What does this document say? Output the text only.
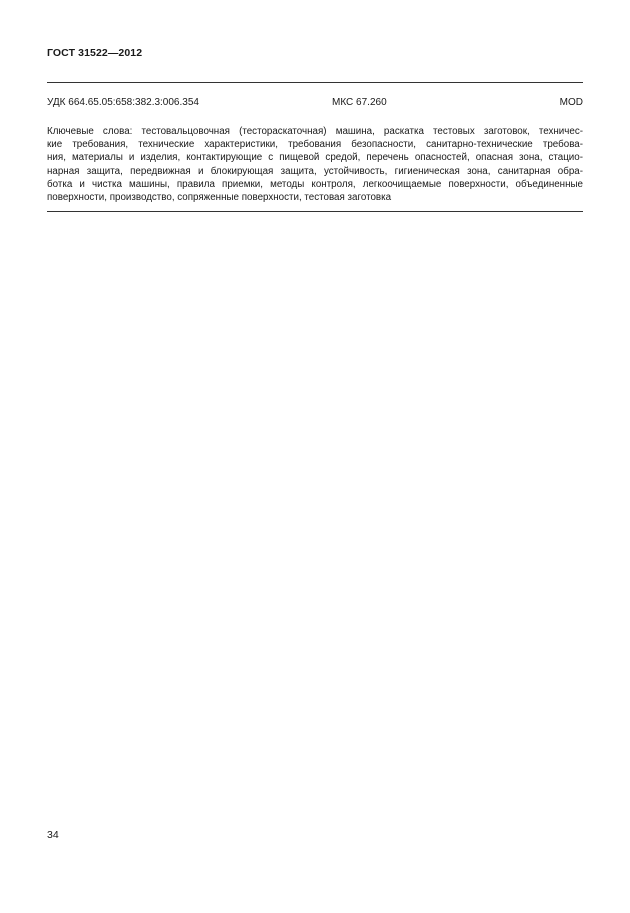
ГОСТ 31522—2012
УДК 664.65.05:658:382.3:006.354	МКС 67.260	MOD
Ключевые слова: тестовальцовочная (тестораскаточная) машина, раскатка тестовых заготовок, техничес-
кие требования, технические характеристики, требования безопасности, санитарно-технические требова-
ния, материалы и изделия, контактирующие с пищевой средой, перечень опасностей, опасная зона, стацио-
нарная защита, передвижная и блокирующая защита, устойчивость, гигиеническая зона, санитарная обра-
ботка и чистка машины, правила приемки, методы контроля, легкоочищаемые поверхности, объединенные
поверхности, производство, сопряженные поверхности, тестовая заготовка
34
